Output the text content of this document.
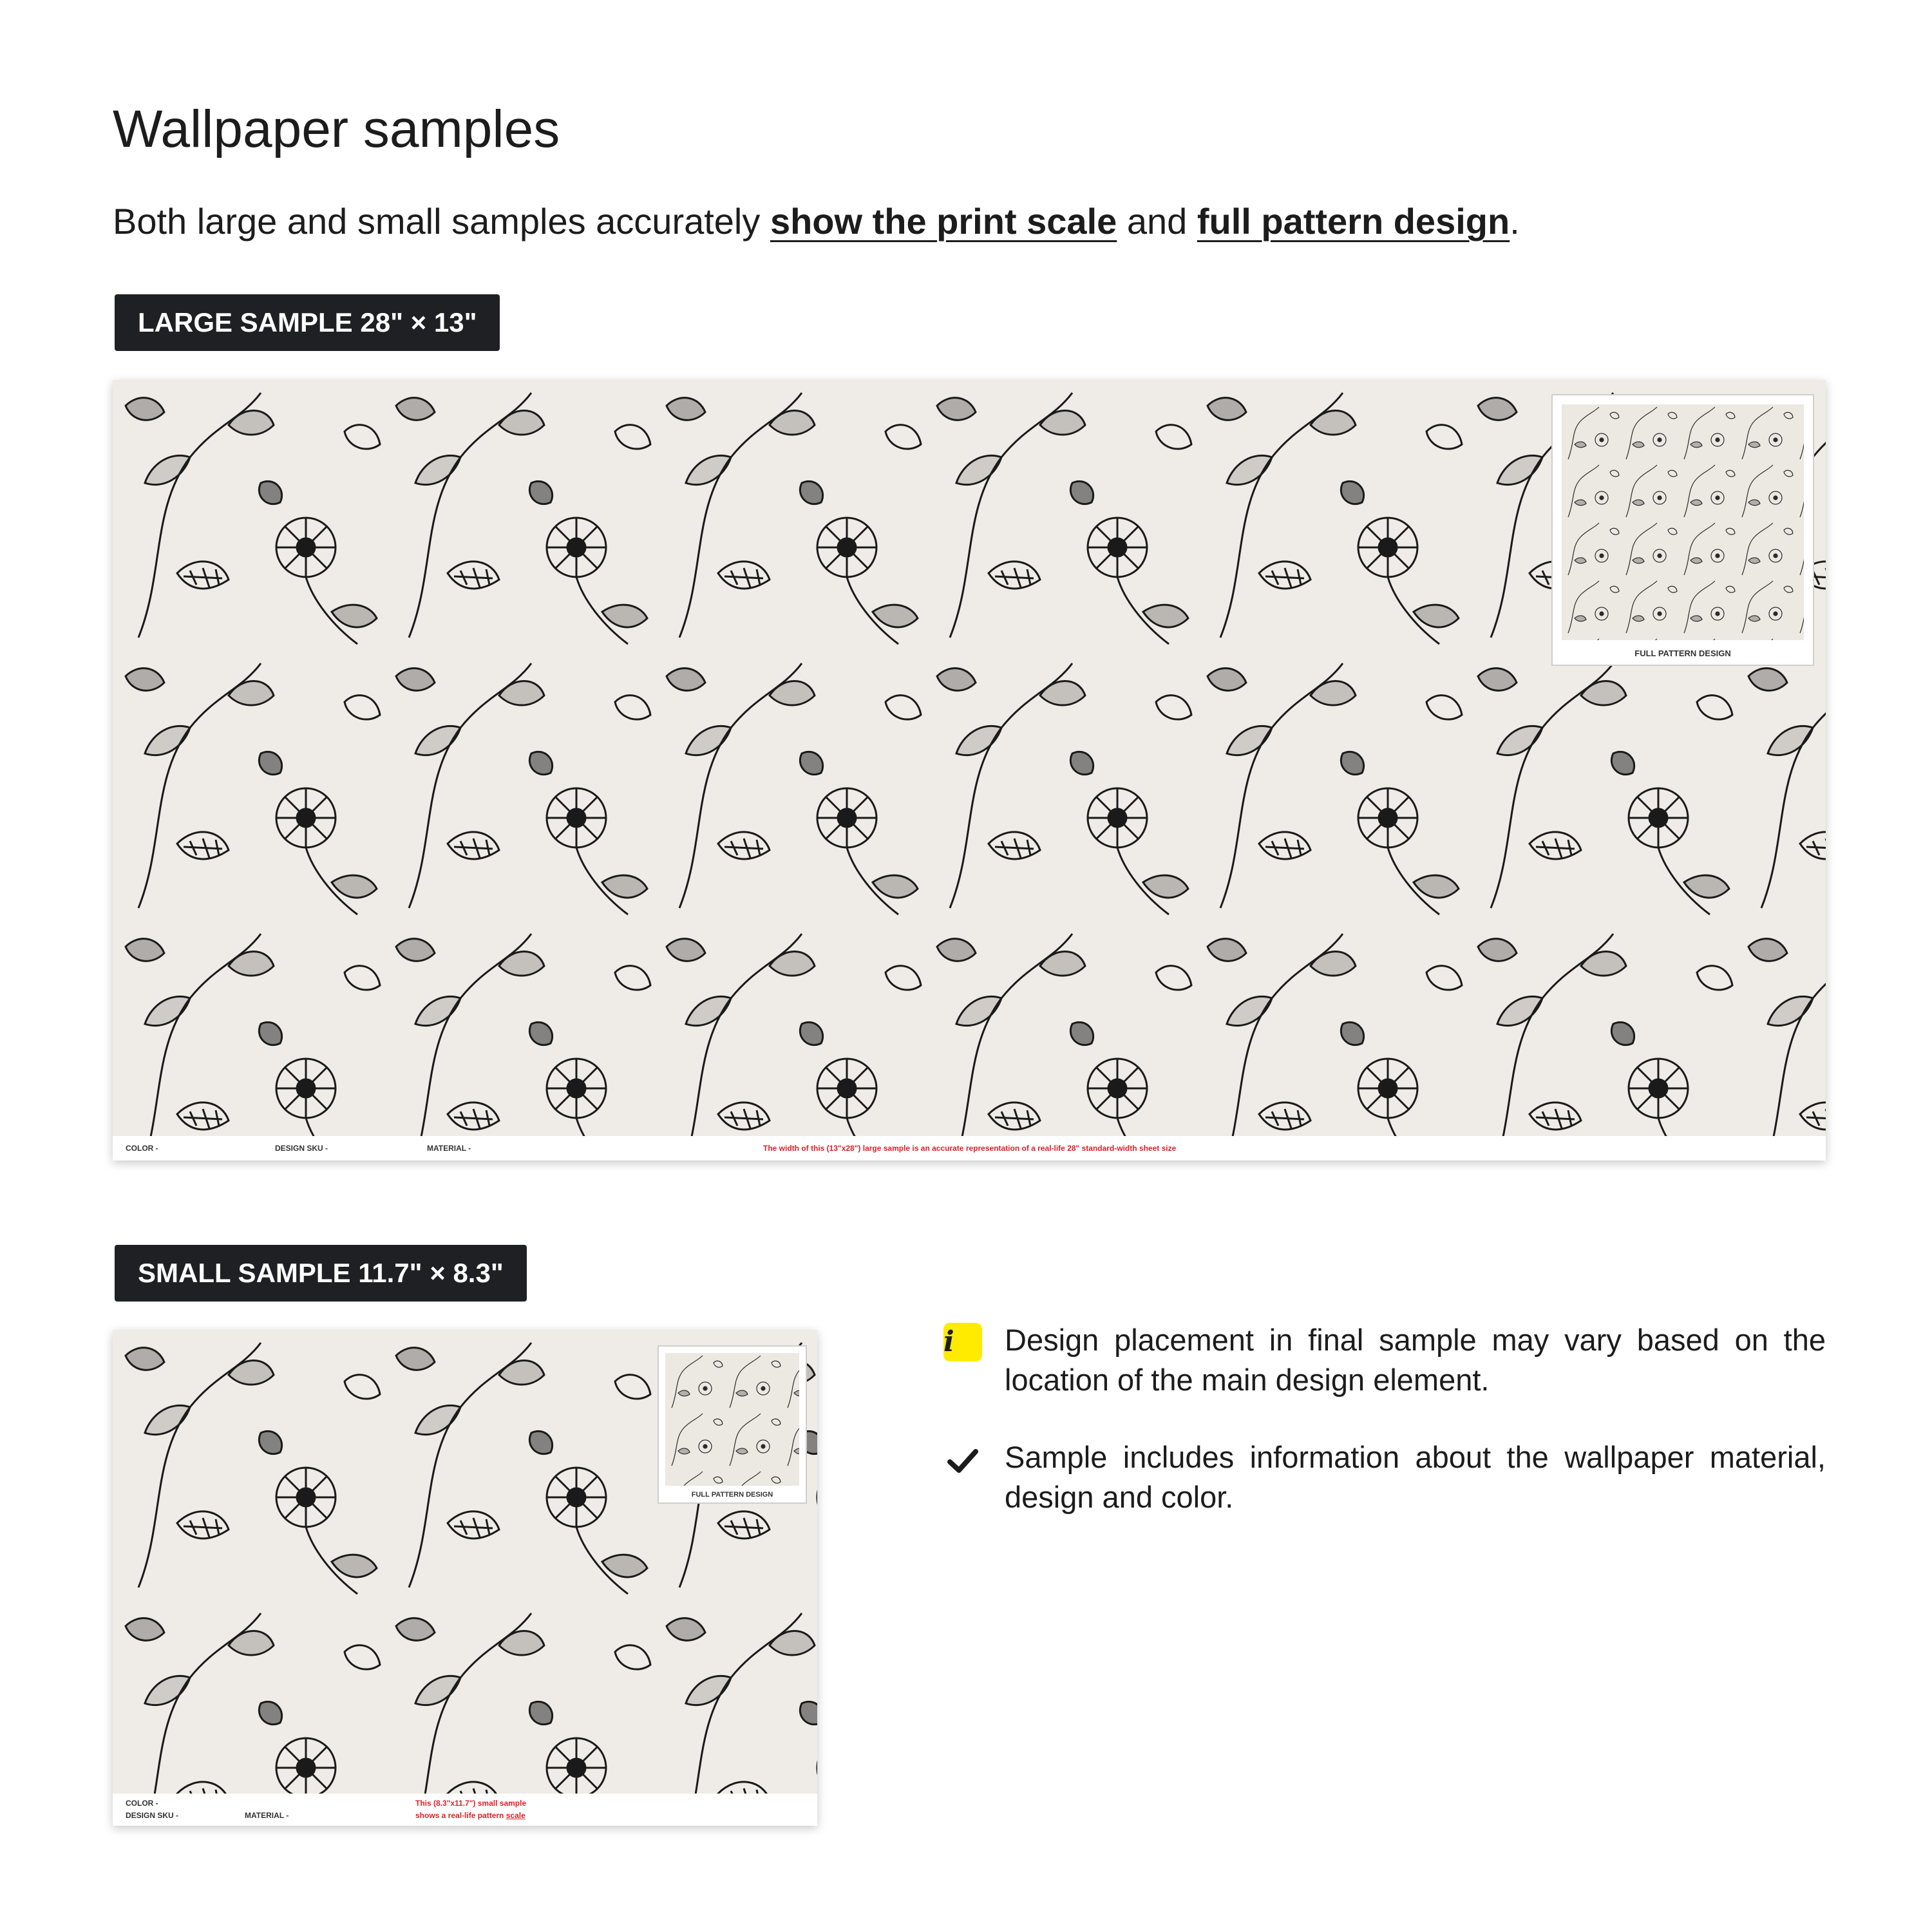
Wallpaper samples
Both large and small samples accurately show the print scale and full pattern design.
LARGE SAMPLE 28" × 13"
FULL PATTERN DESIGN
COLOR -	DESIGN SKU -	MATERIAL -	The width of this (13"x28") large sample is an accurate representation of a real-life 28" standard-width sheet size
SMALL SAMPLE 11.7" × 8.3"
FULL PATTERN DESIGN
COLOR -
DESIGN SKU -	MATERIAL -
This (8.3"x11.7") small sample
shows a real-life pattern scale
i	Design placement in final sample may vary based on the location of the main design element.
Sample includes information about the wallpaper material, design and color.
